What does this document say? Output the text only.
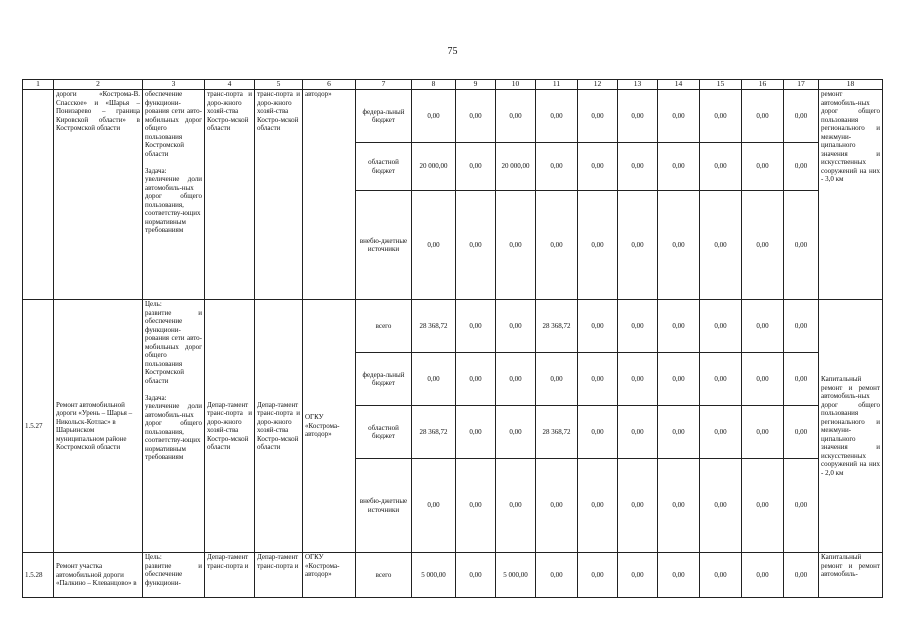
75
1	2	3	4	5	6	7	8	9	10	11	12	13	14	15	16	17	18
	дороги «Кострома-В. Спасское» и «Шарья – Понизарево – граница Кировской области» в Костромской области	обеспечение функциони-рования сети авто-мобильных дорог общего пользования Костромской области

Задача:
увеличение доли автомобиль-ных дорог общего пользования, соответству-ющих нормативным требованиям	транс-порта и доро-жного хозяй-ства Костро-мской области	транс-порта и доро-жного хозяй-ства Костро-мской области	автодор»	федера-льный бюджет	0,00	0,00	0,00	0,00	0,00	0,00	0,00	0,00	0,00	0,00	ремонт автомобиль-ных дорог общего пользования регионального и межмуни-ципального значения и искусственных сооружений на них - 3,0 км
						областной бюджет	20 000,00	0,00	20 000,00	0,00	0,00	0,00	0,00	0,00	0,00	0,00	
						внебю-джетные источники	0,00	0,00	0,00	0,00	0,00	0,00	0,00	0,00	0,00	0,00	
1.5.27	Ремонт автомобильной дороги «Урень – Шарья – Никольск-Котлас» в Шарьинском муниципальном районе Костромской области	Цель:
развитие и обеспечение функциони-рования сети авто-мобильных дорог общего пользования Костромской области

Задача:
увеличение доли автомобиль-ных дорог общего пользования, соответству-ющих нормативным требованиям	Депар-тамент транс-порта и доро-жного хозяй-ства Костро-мской области	Депар-тамент транс-порта и доро-жного хозяй-ства Костро-мской области	ОГКУ «Кострома-автодор»	всего	28 368,72	0,00	0,00	28 368,72	0,00	0,00	0,00	0,00	0,00	0,00	Капитальный ремонт и ремонт автомобиль-ных дорог общего пользования регионального и межмуни-ципального значения и искусственных сооружений на них - 2,0 км
						федера-льный бюджет	0,00	0,00	0,00	0,00	0,00	0,00	0,00	0,00	0,00	0,00	
						областной бюджет	28 368,72	0,00	0,00	28 368,72	0,00	0,00	0,00	0,00	0,00	0,00	
						внебю-джетные источники	0,00	0,00	0,00	0,00	0,00	0,00	0,00	0,00	0,00	0,00	
1.5.28	Ремонт участка автомобильной дороги «Палкино – Клеванцово» в	Цель:
развитие и обеспечение функциони-	Депар-тамент транс-порта и	Депар-тамент транс-порта и	ОГКУ «Кострома-автодор»	всего	5 000,00	0,00	5 000,00	0,00	0,00	0,00	0,00	0,00	0,00	0,00	Капитальный ремонт и ремонт автомобиль-
